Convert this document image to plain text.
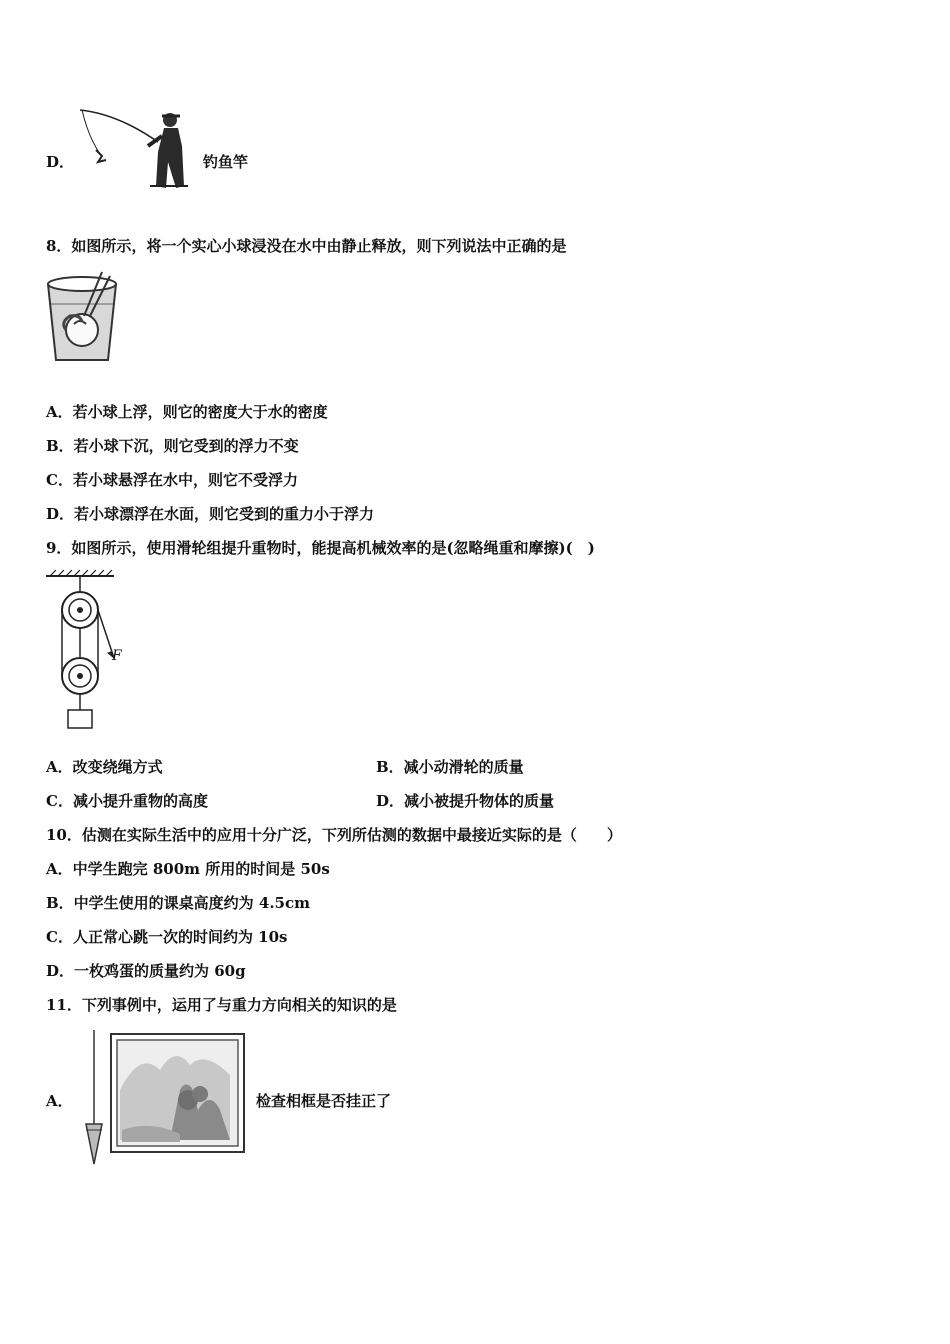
D．	钓鱼竿
8．如图所示，将一个实心小球浸没在水中由静止释放，则下列说法中正确的是
A．若小球上浮，则它的密度大于水的密度
B．若小球下沉，则它受到的浮力不变
C．若小球悬浮在水中，则它不受浮力
D．若小球漂浮在水面，则它受到的重力小于浮力
9．如图所示，使用滑轮组提升重物时，能提高机械效率的是(忽略绳重和摩擦)(　)
F
A．改变绕绳方式	B．减小动滑轮的质量
C．减小提升重物的高度	D．减小被提升物体的质量
10．估测在实际生活中的应用十分广泛，下列所估测的数据中最接近实际的是（　　）
A．中学生跑完 800m 所用的时间是 50s
B．中学生使用的课桌高度约为 4.5cm
C．人正常心跳一次的时间约为 10s
D．一枚鸡蛋的质量约为 60g
11．下列事例中，运用了与重力方向相关的知识的是
A．	检查相框是否挂正了
